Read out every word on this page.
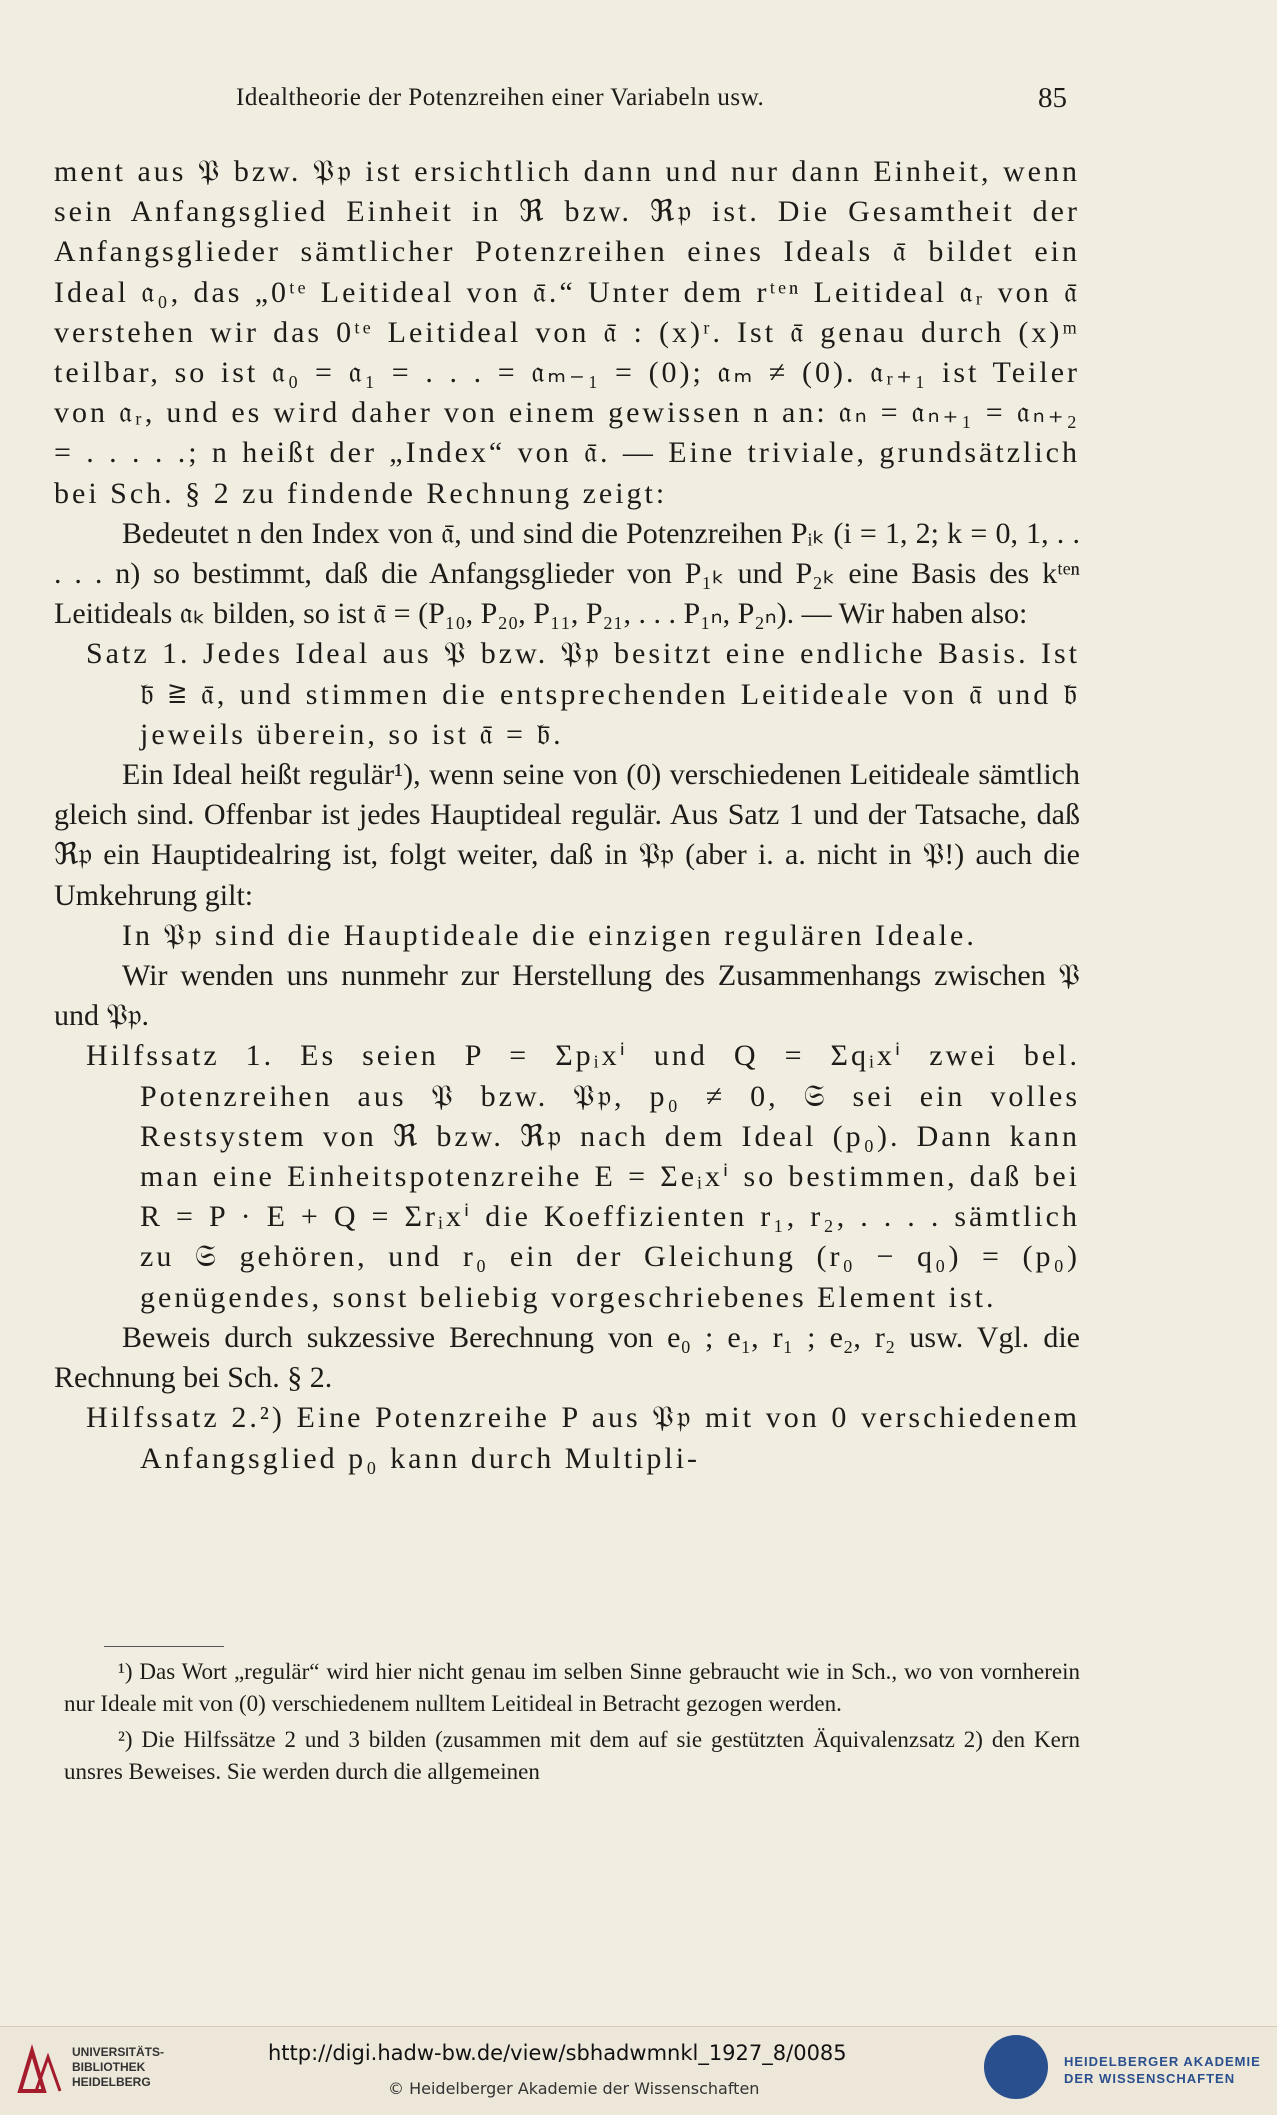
Idealtheorie der Potenzreihen einer Variabeln usw.	85

ment aus 𝔓 bzw. 𝔓𝔭 ist ersichtlich dann und nur dann Einheit, wenn sein Anfangsglied Einheit in ℜ bzw. ℜ𝔭 ist. Die Gesamtheit der Anfangsglieder sämtlicher Potenzreihen eines Ideals 𝔞̄ bildet ein Ideal 𝔞₀, das „0ᵗᵉ Leitideal von 𝔞̄.“ Unter dem rᵗᵉⁿ Leitideal 𝔞ᵣ von 𝔞̄ verstehen wir das 0ᵗᵉ Leitideal von 𝔞̄ : (x)ʳ. Ist 𝔞̄ genau durch (x)ᵐ teilbar, so ist 𝔞₀ = 𝔞₁ = . . . = 𝔞ₘ₋₁ = (0); 𝔞ₘ ≠ (0). 𝔞ᵣ₊₁ ist Teiler von 𝔞ᵣ, und es wird daher von einem gewissen n an: 𝔞ₙ = 𝔞ₙ₊₁ = 𝔞ₙ₊₂ = . . . . .; n heißt der „Index“ von 𝔞̄. — Eine triviale, grundsätzlich bei Sch. § 2 zu findende Rechnung zeigt:

Bedeutet n den Index von 𝔞̄, und sind die Potenzreihen Pᵢₖ (i = 1, 2; k = 0, 1, . . . . . n) so bestimmt, daß die Anfangsglieder von P₁ₖ und P₂ₖ eine Basis des kᵗᵉⁿ Leitideals 𝔞ₖ bilden, so ist 𝔞̄ = (P₁₀, P₂₀, P₁₁, P₂₁, . . . P₁ₙ, P₂ₙ). — Wir haben also:

Satz 1. Jedes Ideal aus 𝔓 bzw. 𝔓𝔭 besitzt eine endliche Basis. Ist 𝔟̄ ≧ 𝔞̄, und stimmen die entsprechenden Leitideale von 𝔞̄ und 𝔟̄ jeweils überein, so ist 𝔞̄ = 𝔟̄.

Ein Ideal heißt regulär¹), wenn seine von (0) verschiedenen Leitideale sämtlich gleich sind. Offenbar ist jedes Hauptideal regulär. Aus Satz 1 und der Tatsache, daß ℜ𝔭 ein Hauptidealring ist, folgt weiter, daß in 𝔓𝔭 (aber i. a. nicht in 𝔓!) auch die Umkehrung gilt:

In 𝔓𝔭 sind die Hauptideale die einzigen regulären Ideale.

Wir wenden uns nunmehr zur Herstellung des Zusammenhangs zwischen 𝔓 und 𝔓𝔭.

Hilfssatz 1. Es seien P = Σpᵢxⁱ und Q = Σqᵢxⁱ zwei bel. Potenzreihen aus 𝔓 bzw. 𝔓𝔭, p₀ ≠ 0, 𝔖 sei ein volles Restsystem von ℜ bzw. ℜ𝔭 nach dem Ideal (p₀). Dann kann man eine Einheitspotenzreihe E = Σeᵢxⁱ so bestimmen, daß bei R = P · E + Q = Σrᵢxⁱ die Koeffizienten r₁, r₂, . . . . sämtlich zu 𝔖 gehören, und r₀ ein der Gleichung (r₀ − q₀) = (p₀) genügendes, sonst beliebig vorgeschriebenes Element ist.

Beweis durch sukzessive Berechnung von e₀ ; e₁, r₁ ; e₂, r₂ usw. Vgl. die Rechnung bei Sch. § 2.

Hilfssatz 2.²) Eine Potenzreihe P aus 𝔓𝔭 mit von 0 verschiedenem Anfangsglied p₀ kann durch Multipli-

¹) Das Wort „regulär“ wird hier nicht genau im selben Sinne gebraucht wie in Sch., wo von vornherein nur Ideale mit von (0) verschiedenem nulltem Leitideal in Betracht gezogen werden.

²) Die Hilfssätze 2 und 3 bilden (zusammen mit dem auf sie gestützten Äquivalenzsatz 2) den Kern unsres Beweises. Sie werden durch die allgemeinen

UNIVERSITÄTS-
BIBLIOTHEK
HEIDELBERG
http://digi.hadw-bw.de/view/sbhadwmnkl_1927_8/0085
© Heidelberger Akademie der Wissenschaften
HEIDELBERGER AKADEMIE
DER WISSENSCHAFTEN
